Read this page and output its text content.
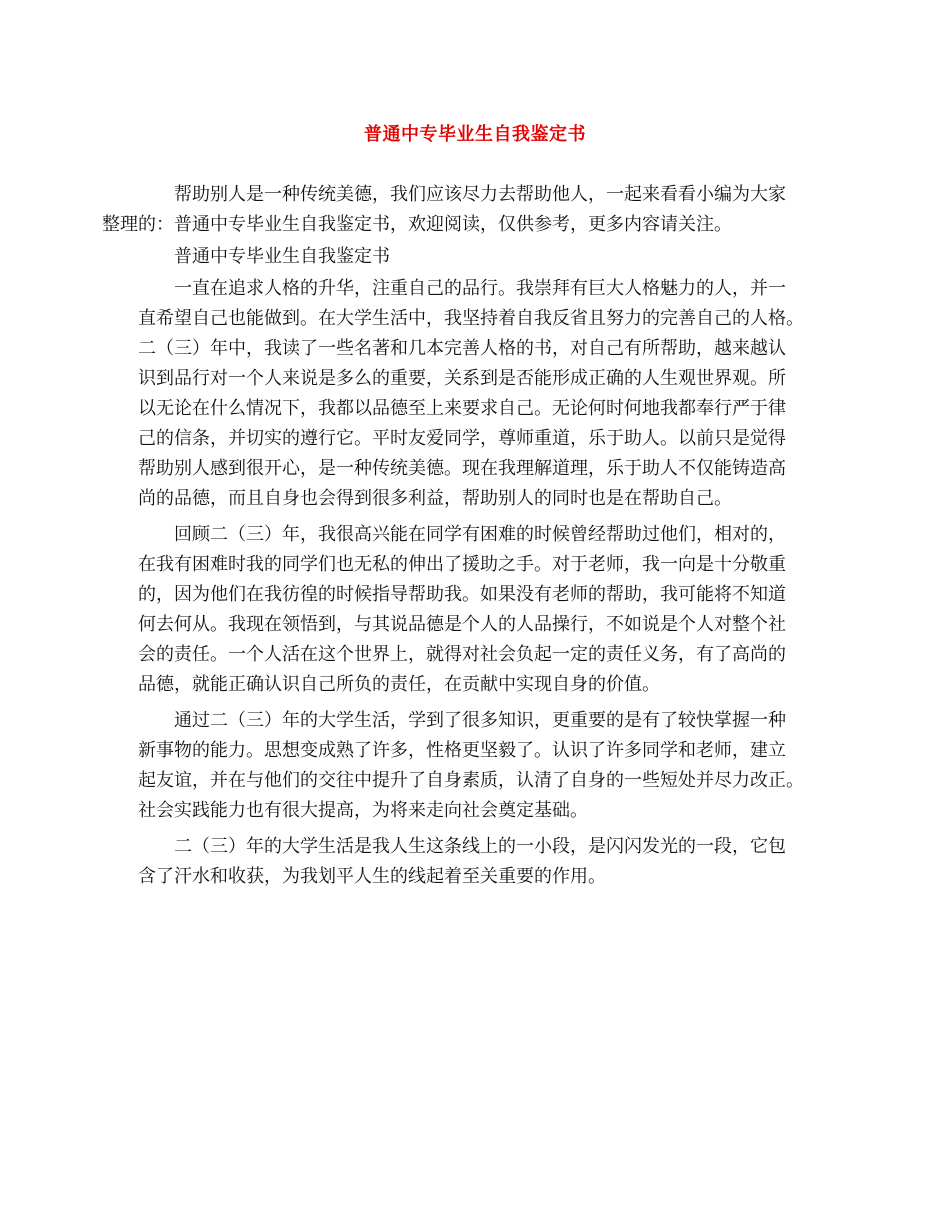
普通中专毕业生自我鉴定书

帮助别人是一种传统美德，我们应该尽力去帮助他人，一起来看看小编为大家
整理的：普通中专毕业生自我鉴定书，欢迎阅读，仅供参考，更多内容请关注。

普通中专毕业生自我鉴定书

一直在追求人格的升华，注重自己的品行。我崇拜有巨大人格魅力的人，并一
直希望自己也能做到。在大学生活中，我坚持着自我反省且努力的完善自己的人格。
二（三）年中，我读了一些名著和几本完善人格的书，对自己有所帮助，越来越认
识到品行对一个人来说是多么的重要，关系到是否能形成正确的人生观世界观。所
以无论在什么情况下，我都以品德至上来要求自己。无论何时何地我都奉行严于律
己的信条，并切实的遵行它。平时友爱同学，尊师重道，乐于助人。以前只是觉得
帮助别人感到很开心，是一种传统美德。现在我理解道理，乐于助人不仅能铸造高
尚的品德，而且自身也会得到很多利益，帮助别人的同时也是在帮助自己。

回顾二（三）年，我很高兴能在同学有困难的时候曾经帮助过他们，相对的，
在我有困难时我的同学们也无私的伸出了援助之手。对于老师，我一向是十分敬重
的，因为他们在我彷徨的时候指导帮助我。如果没有老师的帮助，我可能将不知道
何去何从。我现在领悟到，与其说品德是个人的人品操行，不如说是个人对整个社
会的责任。一个人活在这个世界上，就得对社会负起一定的责任义务，有了高尚的
品德，就能正确认识自己所负的责任，在贡献中实现自身的价值。

通过二（三）年的大学生活，学到了很多知识，更重要的是有了较快掌握一种
新事物的能力。思想变成熟了许多，性格更坚毅了。认识了许多同学和老师，建立
起友谊，并在与他们的交往中提升了自身素质，认清了自身的一些短处并尽力改正。
社会实践能力也有很大提高，为将来走向社会奠定基础。

二（三）年的大学生活是我人生这条线上的一小段，是闪闪发光的一段，它包
含了汗水和收获，为我划平人生的线起着至关重要的作用。
